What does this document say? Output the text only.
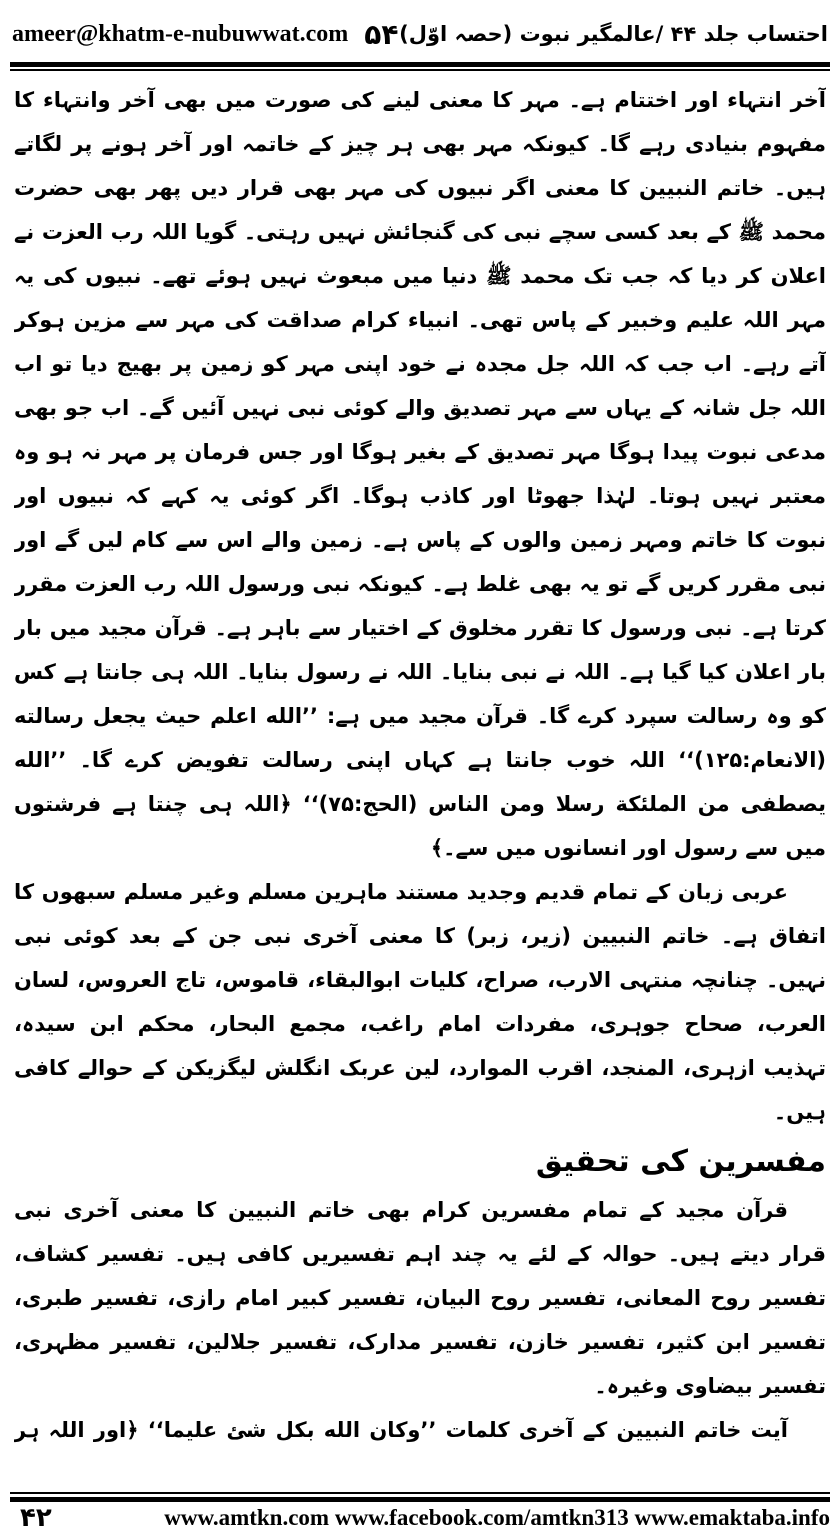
ameer@khatm-e-nubuwwat.com ۵۴ احتساب جلد ۴۴ /عالمگیر نبوت (حصہ اوّل)

آخر انتہاء اور اختتام ہے۔ مہر کا معنی لینے کی صورت میں بھی آخر وانتہاء کا مفہوم بنیادی رہے گا۔ کیونکہ مہر بھی ہر چیز کے خاتمہ اور آخر ہونے پر لگاتے ہیں۔ خاتم النبیین کا معنی اگر نبیوں کی مہر بھی قرار دیں پھر بھی حضرت محمد ﷺ کے بعد کسی سچے نبی کی گنجائش نہیں رہتی۔ گویا اللہ رب العزت نے اعلان کر دیا کہ جب تک محمد ﷺ دنیا میں مبعوث نہیں ہوئے تھے۔ نبیوں کی یہ مہر اللہ علیم وخبیر کے پاس تھی۔ انبیاء کرام صداقت کی مہر سے مزین ہوکر آتے رہے۔ اب جب کہ اللہ جل مجدہ نے خود اپنی مہر کو زمین پر بھیج دیا تو اب اللہ جل شانہ کے یہاں سے مہر تصدیق والے کوئی نبی نہیں آئیں گے۔ اب جو بھی مدعی نبوت پیدا ہوگا مہر تصدیق کے بغیر ہوگا اور جس فرمان پر مہر نہ ہو وہ معتبر نہیں ہوتا۔ لہٰذا جھوٹا اور کاذب ہوگا۔ اگر کوئی یہ کہے کہ نبیوں اور نبوت کا خاتم ومہر زمین والوں کے پاس ہے۔ زمین والے اس سے کام لیں گے اور نبی مقرر کریں گے تو یہ بھی غلط ہے۔ کیونکہ نبی ورسول اللہ رب العزت مقرر کرتا ہے۔ نبی ورسول کا تقرر مخلوق کے اختیار سے باہر ہے۔ قرآن مجید میں بار بار اعلان کیا گیا ہے۔ اللہ نے نبی بنایا۔ اللہ نے رسول بنایا۔ اللہ ہی جانتا ہے کس کو وہ رسالت سپرد کرے گا۔ قرآن مجید میں ہے: ’’الله اعلم حيث يجعل رسالته (الانعام:۱۲۵)‘‘ اللہ خوب جانتا ہے کہاں اپنی رسالت تفویض کرے گا۔ ’’الله يصطفى من الملئكة رسلا ومن الناس (الحج:۷۵)‘‘ ﴿اللہ ہی چنتا ہے فرشتوں میں سے رسول اور انسانوں میں سے۔﴾

عربی زبان کے تمام قدیم وجدید مستند ماہرین مسلم وغیر مسلم سبھوں کا اتفاق ہے۔ خاتم النبیین (زیر، زبر) کا معنی آخری نبی جن کے بعد کوئی نبی نہیں۔ چنانچہ منتہی الارب، صراح، کلیات ابوالبقاء، قاموس، تاج العروس، لسان العرب، صحاح جوہری، مفردات امام راغب، مجمع البحار، محکم ابن سیدہ، تہذیب ازہری، المنجد، اقرب الموارد، لین عربک انگلش لیگزیکن کے حوالے کافی ہیں۔

مفسرین کی تحقیق

قرآن مجید کے تمام مفسرین کرام بھی خاتم النبیین کا معنی آخری نبی قرار دیتے ہیں۔ حوالہ کے لئے یہ چند اہم تفسیریں کافی ہیں۔ تفسیر کشاف، تفسیر روح المعانی، تفسیر روح البیان، تفسیر کبیر امام رازی، تفسیر طبری، تفسیر ابن کثیر، تفسیر خازن، تفسیر مدارک، تفسیر جلالین، تفسیر مظہری، تفسیر بیضاوی وغیرہ۔

آیت خاتم النبیین کے آخری کلمات ’’وکان الله بكل شئ عليما‘‘ ﴿اور اللہ ہر

۴۲	www.amtkn.com www.facebook.com/amtkn313 www.emaktaba.info
